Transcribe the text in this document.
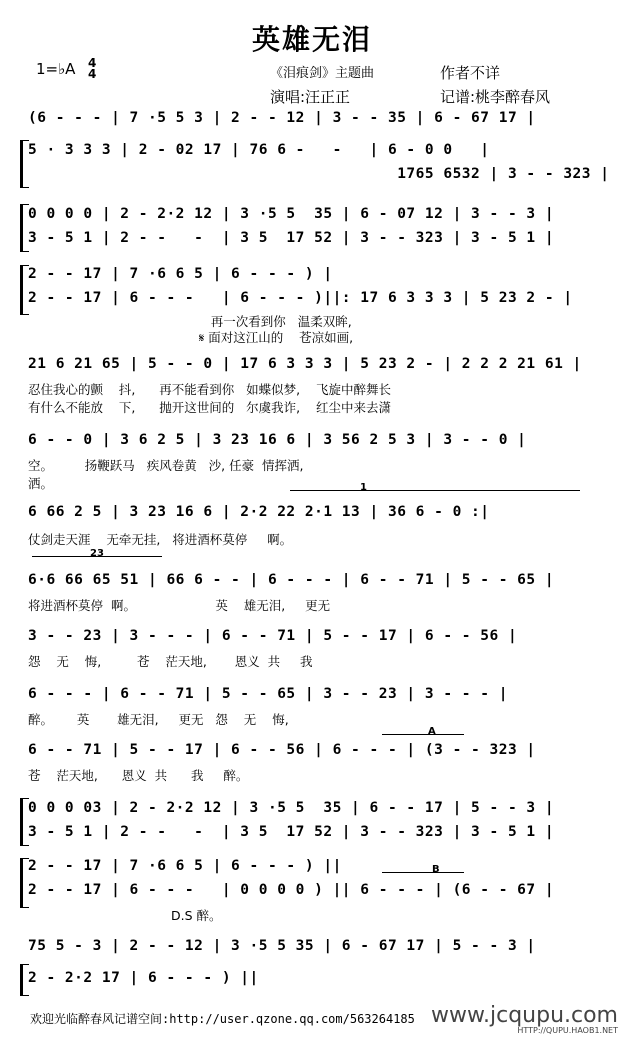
英雄无泪
1=♭A 4
4	《泪痕剑》主题曲	作者不详
演唱:汪正正	记谱:桃李醉春风
(6 - - - | 7 ·5 5 3 | 2 - - 12 | 3 - - 35 | 6 - 67 17 |
5 · 3 3 3 | 2 - 02 17 | 76 6 -   -   | 6 - 0 0   |
1765 6532 | 3 - - 323 |
0 0 0 0 | 2 - 2·2 12 | 3 ·5 5  35 | 6 - 07 12 | 3 - - 3 |
3 - 5 1 | 2 - -   -  | 3 5  17 52 | 3 - - 323 | 3 - 5 1 |
2 - - 17 | 7 ·6 6 5 | 6 - - - ) |
2 - - 17 | 6 - - -   | 6 - - - )||: 17 6 3 3 3 | 5 23 2 - |
21 6 21 65 | 5 - - 0 | 17 6 3 3 3 | 5 23 2 - | 2 2 2 21 61 |
6 - - 0 | 3 6 2 5 | 3 23 16 6 | 3 56 2 5 3 | 3 - - 0 |
6 66 2 5 | 3 23 16 6 | 2·2 22 2·1 13 | 36 6 - 0 :|
6·6 66 65 51 | 66 6 - - | 6 - - - | 6 - - 71 | 5 - - 65 |
3 - - 23 | 3 - - - | 6 - - 71 | 5 - - 17 | 6 - - 56 |
6 - - - | 6 - - 71 | 5 - - 65 | 3 - - 23 | 3 - - - |
6 - - 71 | 5 - - 17 | 6 - - 56 | 6 - - - | (3 - - 323 |
0 0 0 03 | 2 - 2·2 12 | 3 ·5 5  35 | 6 - - 17 | 5 - - 3 |
3 - 5 1 | 2 - -   -  | 3 5  17 52 | 3 - - 323 | 3 - 5 1 |
2 - - 17 | 7 ·6 6 5 | 6 - - - ) ||
2 - - 17 | 6 - - -   | 0 0 0 0 ) || 6 - - - | (6 - - 67 |
75 5 - 3 | 2 - - 12 | 3 ·5 5 35 | 6 - 67 17 | 5 - - 3 |
2 - 2·2 17 | 6 - - - ) ||
再一次看到你   温柔双眸,
𝄋 面对这江山的    苍凉如画,
忍住我心的颤    抖,      再不能看到你   如蝶似梦,    飞旋中醉舞长
有什么不能放    下,      抛开这世间的   尔虞我诈,    红尘中来去潇
空。        扬鞭跃马   疾风卷黄   沙, 任豪  情挥洒,
洒。
仗剑走天涯    无牵无挂,   将进酒杯莫停     啊。
将进酒杯莫停  啊。                    英    雄无泪,     更无
怨    无    悔,         苍    茫天地,       恩义  共     我
醉。      英       雄无泪,     更无   怨    无    悔,
苍    茫天地,      恩义  共      我     醉。
D.S 醉。
1
23
A
B
欢迎光临醉春风记谱空间:http://user.qzone.qq.com/563264185 www.jcqupu.com
HTTP://QUPU.HAOB1.NET
